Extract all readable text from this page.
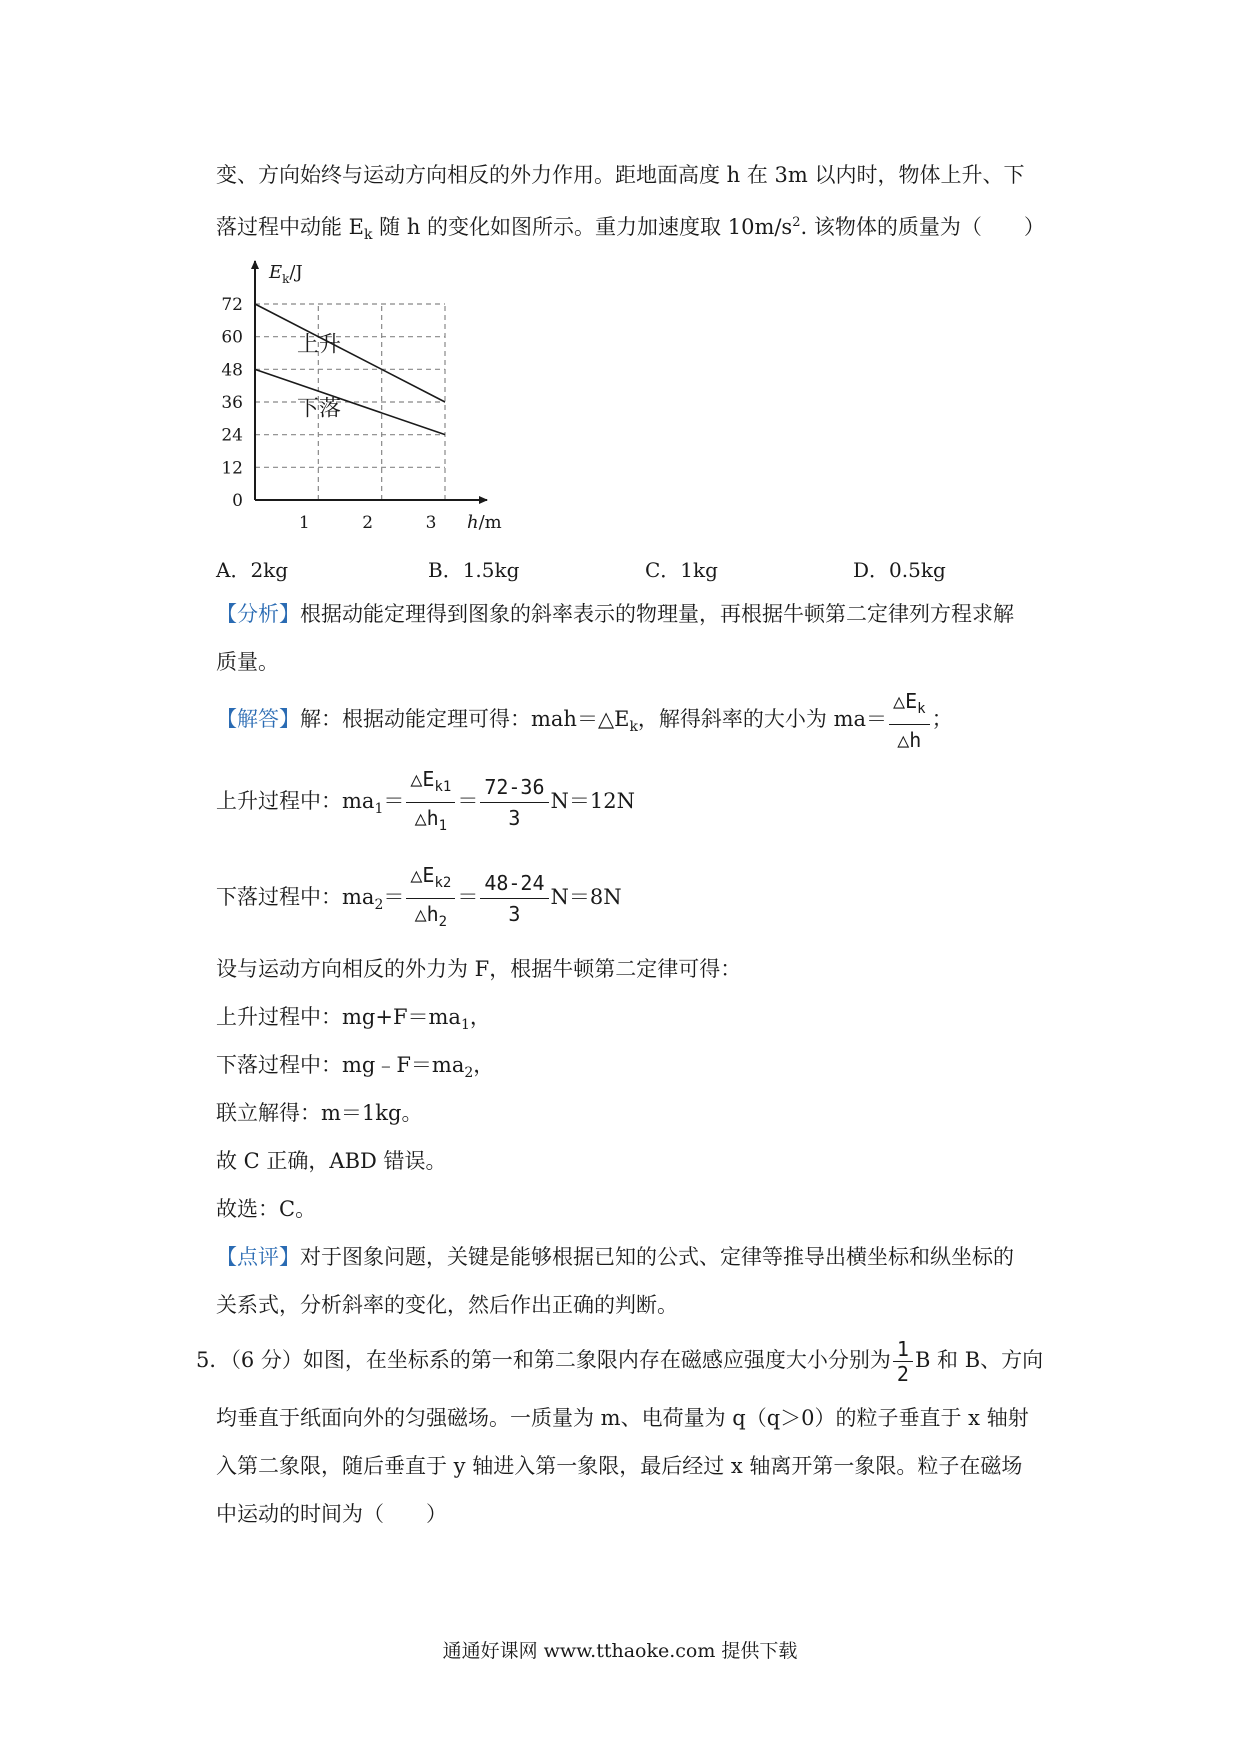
变、方向始终与运动方向相反的外力作用。距地面高度 h 在 3m 以内时，物体上升、下
落过程中动能 $E_k$ 随 h 的变化如图所示。重力加速度取 $10m/s^2$. 该物体的质量为（　　）
0
12
24
36
48
60
72
1	2	3
$E_k/J$
h/m
上升
下落
A．2kg	B．1.5kg	C．1kg	D．0.5kg
【分析】根据动能定理得到图象的斜率表示的物理量，再根据牛顿第二定律列方程求解
质量。
【解答】解：根据动能定理可得：$mah=\triangle E_k$，解得斜率的大小为 $ma= \frac{\triangle E_k}{\triangle h}$ ；
上升过程中：$ma_1= \frac{\triangle E_{k1}}{\triangle h_1} = \frac{72-36}{3} N=12N$
下落过程中：$ma_2= \frac{\triangle E_{k2}}{\triangle h_2} = \frac{48-24}{3} N=8N$
设与运动方向相反的外力为 F，根据牛顿第二定律可得：
上升过程中：$mg+F=ma_1$，
下落过程中：$mg﹣F=ma_2$，
联立解得：m＝1kg。
故 C 正确，ABD 错误。
故选：C。
【点评】对于图象问题，关键是能够根据已知的公式、定律等推导出横坐标和纵坐标的
关系式，分析斜率的变化，然后作出正确的判断。
5．（6 分）如图，在坐标系的第一和第二象限内存在磁感应强度大小分别为 $\frac{1}{2}$ B 和 B、方向
均垂直于纸面向外的匀强磁场。一质量为 m、电荷量为 q（q＞0）的粒子垂直于 x 轴射
入第二象限，随后垂直于 y 轴进入第一象限，最后经过 x 轴离开第一象限。粒子在磁场
中运动的时间为（　　）
通通好课网 www.tthaoke.com 提供下载
